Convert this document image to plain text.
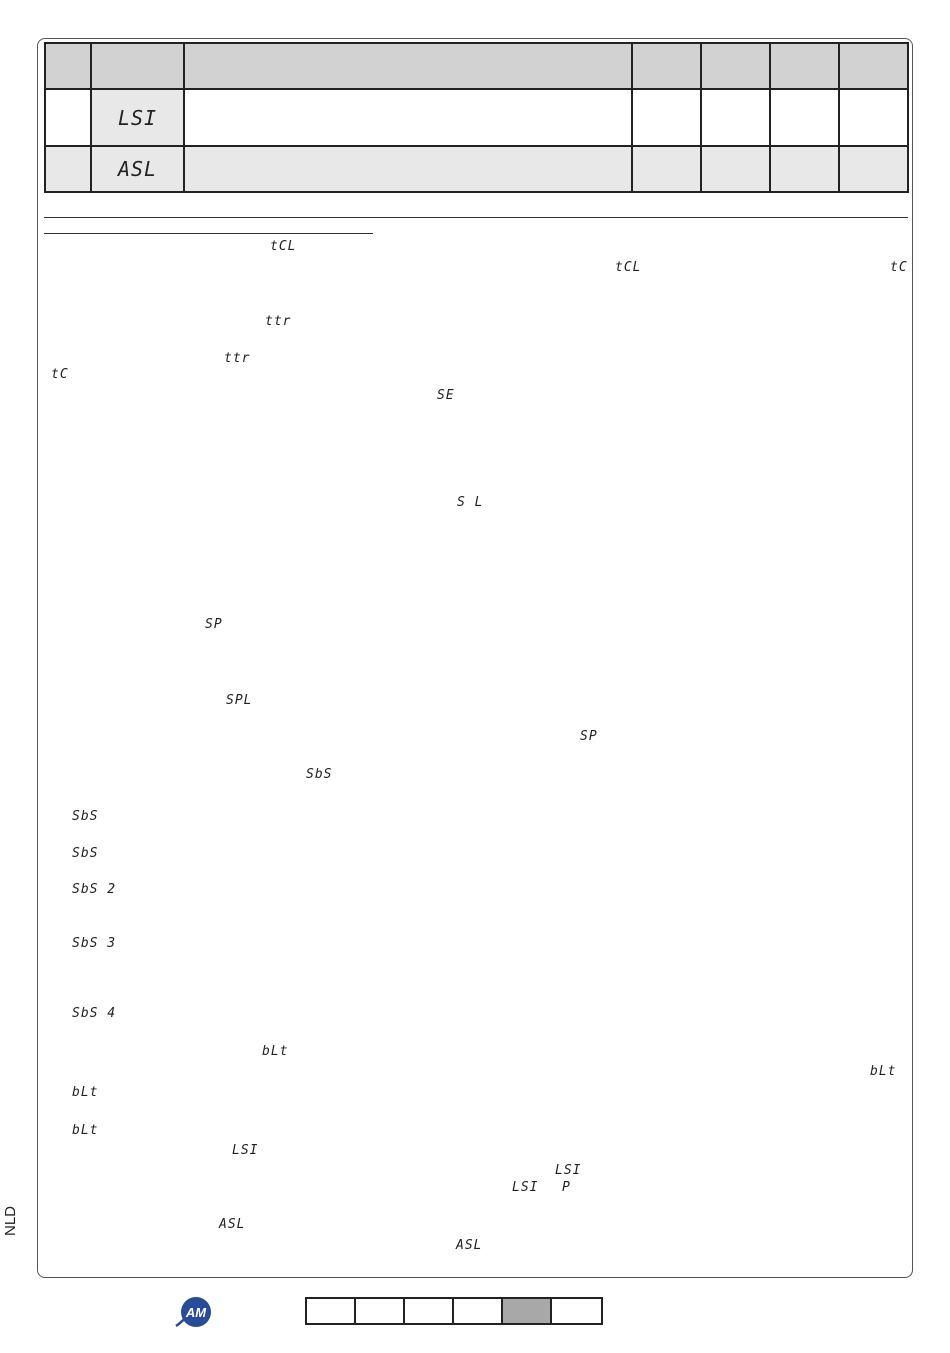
	LSI					

	ASL					

tCL
tCL	tC
ttr
ttr
tC
SE
S L
SP
SPL
SP
SbS
SbS
SbS
SbS 2
SbS 3
SbS 4
bLt
bLt
bLt
bLt
LSI
LSI
LSI P
ASL
ASL
NLD
AM
